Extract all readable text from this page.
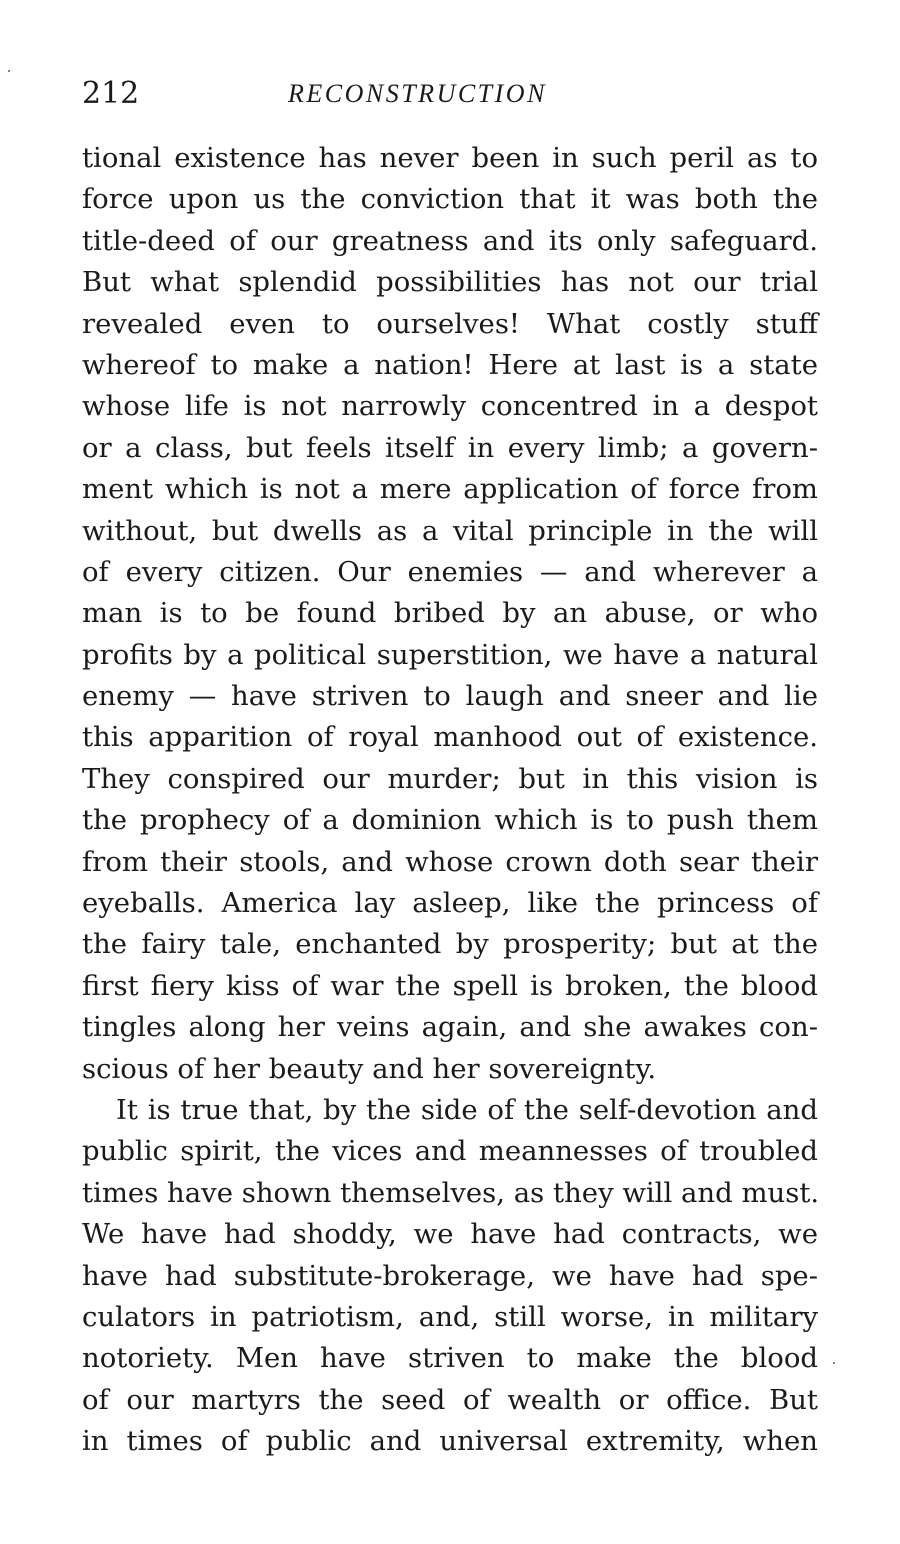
212	RECONSTRUCTION
tional existence has never been in such peril as to
force upon us the conviction that it was both the
title-deed of our greatness and its only safeguard.
But what splendid possibilities has not our trial
revealed even to ourselves! What costly stuff
whereof to make a nation! Here at last is a state
whose life is not narrowly concentred in a despot
or a class, but feels itself in every limb; a govern-
ment which is not a mere application of force from
without, but dwells as a vital principle in the will
of every citizen. Our enemies — and wherever a
man is to be found bribed by an abuse, or who
profits by a political superstition, we have a natural
enemy — have striven to laugh and sneer and lie
this apparition of royal manhood out of existence.
They conspired our murder; but in this vision is
the prophecy of a dominion which is to push them
from their stools, and whose crown doth sear their
eyeballs. America lay asleep, like the princess of
the fairy tale, enchanted by prosperity; but at the
first fiery kiss of war the spell is broken, the blood
tingles along her veins again, and she awakes con-
scious of her beauty and her sovereignty.
It is true that, by the side of the self-devotion and
public spirit, the vices and meannesses of troubled
times have shown themselves, as they will and must.
We have had shoddy, we have had contracts, we
have had substitute-brokerage, we have had spe-
culators in patriotism, and, still worse, in military
notoriety. Men have striven to make the blood
of our martyrs the seed of wealth or office. But
in times of public and universal extremity, when
